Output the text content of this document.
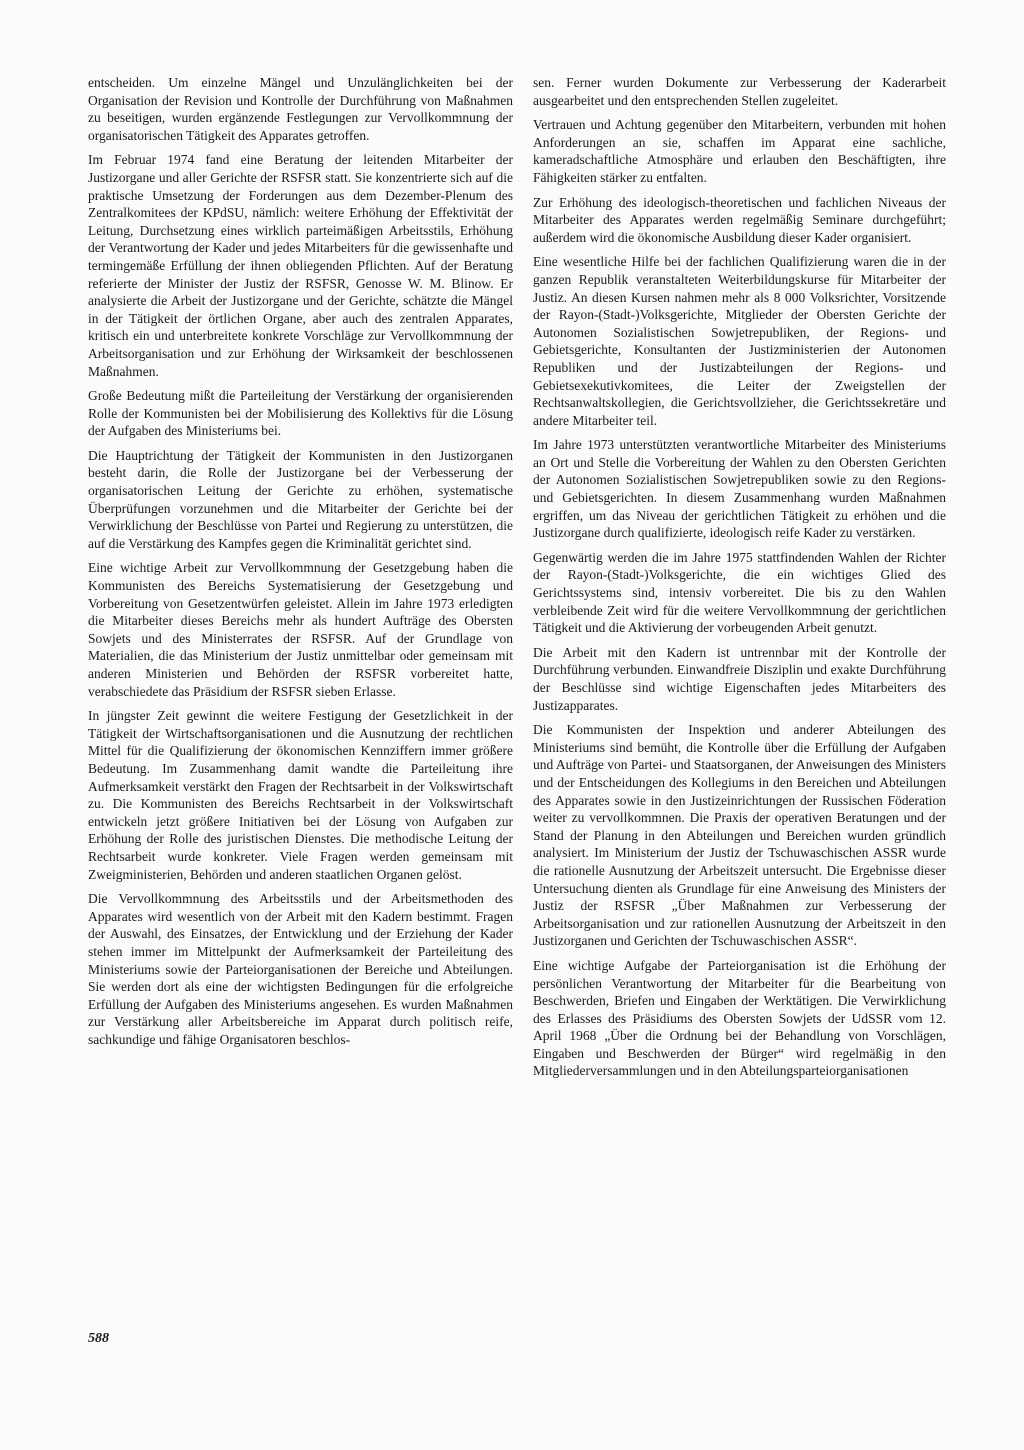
entscheiden. Um einzelne Mängel und Unzulänglichkeiten bei der Organisation der Revision und Kontrolle der Durchführung von Maßnahmen zu beseitigen, wurden ergänzende Festlegungen zur Vervollkommnung der organisatorischen Tätigkeit des Apparates getroffen.

Im Februar 1974 fand eine Beratung der leitenden Mitarbeiter der Justizorgane und aller Gerichte der RSFSR statt. Sie konzentrierte sich auf die praktische Umsetzung der Forderungen aus dem Dezember-Plenum des Zentralkomitees der KPdSU, nämlich: weitere Erhöhung der Effektivität der Leitung, Durchsetzung eines wirklich parteimäßigen Arbeitsstils, Erhöhung der Verantwortung der Kader und jedes Mitarbeiters für die gewissenhafte und termingemäße Erfüllung der ihnen obliegenden Pflichten. Auf der Beratung referierte der Minister der Justiz der RSFSR, Genosse W. M. Blinow. Er analysierte die Arbeit der Justizorgane und der Gerichte, schätzte die Mängel in der Tätigkeit der örtlichen Organe, aber auch des zentralen Apparates, kritisch ein und unterbreitete konkrete Vorschläge zur Vervollkommnung der Arbeitsorganisation und zur Erhöhung der Wirksamkeit der beschlossenen Maßnahmen.

Große Bedeutung mißt die Parteileitung der Verstärkung der organisierenden Rolle der Kommunisten bei der Mobilisierung des Kollektivs für die Lösung der Aufgaben des Ministeriums bei.

Die Hauptrichtung der Tätigkeit der Kommunisten in den Justizorganen besteht darin, die Rolle der Justizorgane bei der Verbesserung der organisatorischen Leitung der Gerichte zu erhöhen, systematische Überprüfungen vorzunehmen und die Mitarbeiter der Gerichte bei der Verwirklichung der Beschlüsse von Partei und Regierung zu unterstützen, die auf die Verstärkung des Kampfes gegen die Kriminalität gerichtet sind.

Eine wichtige Arbeit zur Vervollkommnung der Gesetzgebung haben die Kommunisten des Bereichs Systematisierung der Gesetzgebung und Vorbereitung von Gesetzentwürfen geleistet. Allein im Jahre 1973 erledigten die Mitarbeiter dieses Bereichs mehr als hundert Aufträge des Obersten Sowjets und des Ministerrates der RSFSR. Auf der Grundlage von Materialien, die das Ministerium der Justiz unmittelbar oder gemeinsam mit anderen Ministerien und Behörden der RSFSR vorbereitet hatte, verabschiedete das Präsidium der RSFSR sieben Erlasse.

In jüngster Zeit gewinnt die weitere Festigung der Gesetzlichkeit in der Tätigkeit der Wirtschaftsorganisationen und die Ausnutzung der rechtlichen Mittel für die Qualifizierung der ökonomischen Kennziffern immer größere Bedeutung. Im Zusammenhang damit wandte die Parteileitung ihre Aufmerksamkeit verstärkt den Fragen der Rechtsarbeit in der Volkswirtschaft zu. Die Kommunisten des Bereichs Rechtsarbeit in der Volkswirtschaft entwickeln jetzt größere Initiativen bei der Lösung von Aufgaben zur Erhöhung der Rolle des juristischen Dienstes. Die methodische Leitung der Rechtsarbeit wurde konkreter. Viele Fragen werden gemeinsam mit Zweigministerien, Behörden und anderen staatlichen Organen gelöst.

Die Vervollkommnung des Arbeitsstils und der Arbeitsmethoden des Apparates wird wesentlich von der Arbeit mit den Kadern bestimmt. Fragen der Auswahl, des Einsatzes, der Entwicklung und der Erziehung der Kader stehen immer im Mittelpunkt der Aufmerksamkeit der Parteileitung des Ministeriums sowie der Parteiorganisationen der Bereiche und Abteilungen. Sie werden dort als eine der wichtigsten Bedingungen für die erfolgreiche Erfüllung der Aufgaben des Ministeriums angesehen. Es wurden Maßnahmen zur Verstärkung aller Arbeitsbereiche im Apparat durch politisch reife, sachkundige und fähige Organisatoren beschlos-

sen. Ferner wurden Dokumente zur Verbesserung der Kaderarbeit ausgearbeitet und den entsprechenden Stellen zugeleitet.

Vertrauen und Achtung gegenüber den Mitarbeitern, verbunden mit hohen Anforderungen an sie, schaffen im Apparat eine sachliche, kameradschaftliche Atmosphäre und erlauben den Beschäftigten, ihre Fähigkeiten stärker zu entfalten.

Zur Erhöhung des ideologisch-theoretischen und fachlichen Niveaus der Mitarbeiter des Apparates werden regelmäßig Seminare durchgeführt; außerdem wird die ökonomische Ausbildung dieser Kader organisiert.

Eine wesentliche Hilfe bei der fachlichen Qualifizierung waren die in der ganzen Republik veranstalteten Weiterbildungskurse für Mitarbeiter der Justiz. An diesen Kursen nahmen mehr als 8 000 Volksrichter, Vorsitzende der Rayon-(Stadt-)Volksgerichte, Mitglieder der Obersten Gerichte der Autonomen Sozialistischen Sowjetrepubliken, der Regions- und Gebietsgerichte, Konsultanten der Justizministerien der Autonomen Republiken und der Justizabteilungen der Regions- und Gebietsexekutivkomitees, die Leiter der Zweigstellen der Rechtsanwaltskollegien, die Gerichtsvollzieher, die Gerichtssekretäre und andere Mitarbeiter teil.

Im Jahre 1973 unterstützten verantwortliche Mitarbeiter des Ministeriums an Ort und Stelle die Vorbereitung der Wahlen zu den Obersten Gerichten der Autonomen Sozialistischen Sowjetrepubliken sowie zu den Regions- und Gebietsgerichten. In diesem Zusammenhang wurden Maßnahmen ergriffen, um das Niveau der gerichtlichen Tätigkeit zu erhöhen und die Justizorgane durch qualifizierte, ideologisch reife Kader zu verstärken.

Gegenwärtig werden die im Jahre 1975 stattfindenden Wahlen der Richter der Rayon-(Stadt-)Volksgerichte, die ein wichtiges Glied des Gerichtssystems sind, intensiv vorbereitet. Die bis zu den Wahlen verbleibende Zeit wird für die weitere Vervollkommnung der gerichtlichen Tätigkeit und die Aktivierung der vorbeugenden Arbeit genutzt.

Die Arbeit mit den Kadern ist untrennbar mit der Kontrolle der Durchführung verbunden. Einwandfreie Disziplin und exakte Durchführung der Beschlüsse sind wichtige Eigenschaften jedes Mitarbeiters des Justizapparates.

Die Kommunisten der Inspektion und anderer Abteilungen des Ministeriums sind bemüht, die Kontrolle über die Erfüllung der Aufgaben und Aufträge von Partei- und Staatsorganen, der Anweisungen des Ministers und der Entscheidungen des Kollegiums in den Bereichen und Abteilungen des Apparates sowie in den Justizeinrichtungen der Russischen Föderation weiter zu vervollkommnen. Die Praxis der operativen Beratungen und der Stand der Planung in den Abteilungen und Bereichen wurden gründlich analysiert. Im Ministerium der Justiz der Tschuwaschischen ASSR wurde die rationelle Ausnutzung der Arbeitszeit untersucht. Die Ergebnisse dieser Untersuchung dienten als Grundlage für eine Anweisung des Ministers der Justiz der RSFSR „Über Maßnahmen zur Verbesserung der Arbeitsorganisation und zur rationellen Ausnutzung der Arbeitszeit in den Justizorganen und Gerichten der Tschuwaschischen ASSR“.

Eine wichtige Aufgabe der Parteiorganisation ist die Erhöhung der persönlichen Verantwortung der Mitarbeiter für die Bearbeitung von Beschwerden, Briefen und Eingaben der Werktätigen. Die Verwirklichung des Erlasses des Präsidiums des Obersten Sowjets der UdSSR vom 12. April 1968 „Über die Ordnung bei der Behandlung von Vorschlägen, Eingaben und Beschwerden der Bürger“ wird regelmäßig in den Mitgliederversammlungen und in den Abteilungsparteiorganisationen

588
